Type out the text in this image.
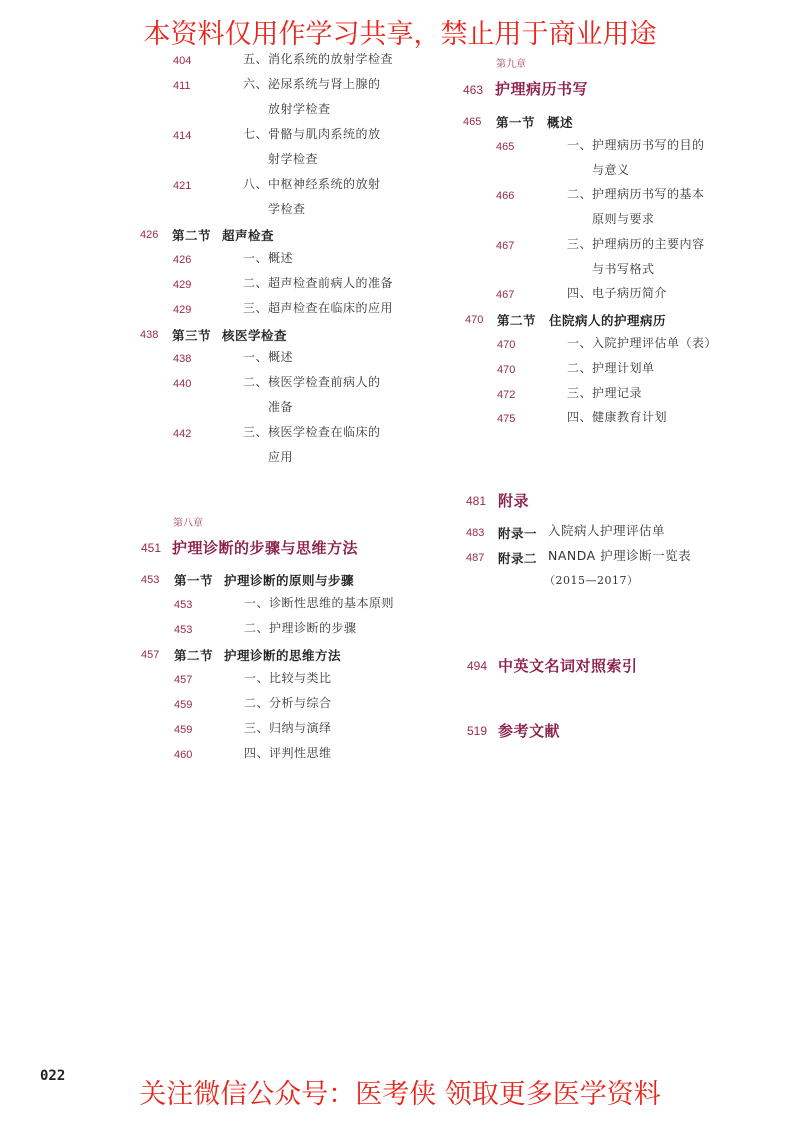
本资料仅用作学习共享，禁止用于商业用途
404	五、消化系统的放射学检查
411	六、泌尿系统与肾上腺的
放射学检查
414	七、骨骼与肌肉系统的放
射学检查
421	八、中枢神经系统的放射
学检查
426 第二节 超声检查
426	一、概述
429	二、超声检查前病人的准备
429	三、超声检查在临床的应用
438 第三节 核医学检查
438	一、概述
440	二、核医学检查前病人的
准备
442	三、核医学检查在临床的
应用
第八章
451 护理诊断的步骤与思维方法
453 第一节 护理诊断的原则与步骤
453	一、诊断性思维的基本原则
453	二、护理诊断的步骤
457 第二节 护理诊断的思维方法
457	一、比较与类比
459	二、分析与综合
459	三、归纳与演绎
460	四、评判性思维
第九章
463 护理病历书写
465 第一节 概述
465	一、护理病历书写的目的
与意义
466	二、护理病历书写的基本
原则与要求
467	三、护理病历的主要内容
与书写格式
467	四、电子病历简介
470 第二节 住院病人的护理病历
470	一、入院护理评估单（表）
470	二、护理计划单
472	三、护理记录
475	四、健康教育计划
481 附录
483 附录一 入院病人护理评估单
487 附录二 NANDA 护理诊断一览表
（2015—2017）
494 中英文名词对照索引
519 参考文献
022
关注微信公众号：医考侠 领取更多医学资料
